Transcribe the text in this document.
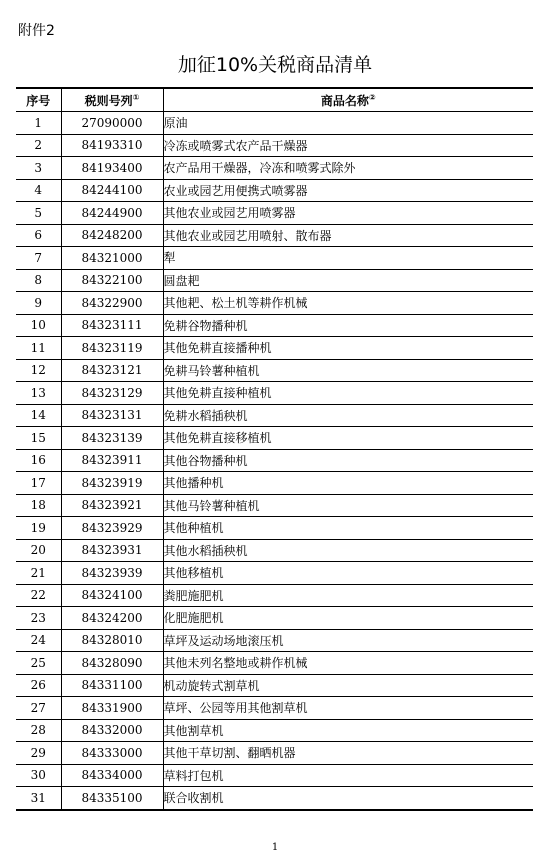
附件2
加征10%关税商品清单
序号	税则号列①	商品名称②
1	27090000	原油
2	84193310	冷冻或喷雾式农产品干燥器
3	84193400	农产品用干燥器，冷冻和喷雾式除外
4	84244100	农业或园艺用便携式喷雾器
5	84244900	其他农业或园艺用喷雾器
6	84248200	其他农业或园艺用喷射、散布器
7	84321000	犁
8	84322100	圆盘耙
9	84322900	其他耙、松土机等耕作机械
10	84323111	免耕谷物播种机
11	84323119	其他免耕直接播种机
12	84323121	免耕马铃薯种植机
13	84323129	其他免耕直接种植机
14	84323131	免耕水稻插秧机
15	84323139	其他免耕直接移植机
16	84323911	其他谷物播种机
17	84323919	其他播种机
18	84323921	其他马铃薯种植机
19	84323929	其他种植机
20	84323931	其他水稻插秧机
21	84323939	其他移植机
22	84324100	粪肥施肥机
23	84324200	化肥施肥机
24	84328010	草坪及运动场地滚压机
25	84328090	其他未列名整地或耕作机械
26	84331100	机动旋转式割草机
27	84331900	草坪、公园等用其他割草机
28	84332000	其他割草机
29	84333000	其他干草切割、翻晒机器
30	84334000	草料打包机
31	84335100	联合收割机
1
